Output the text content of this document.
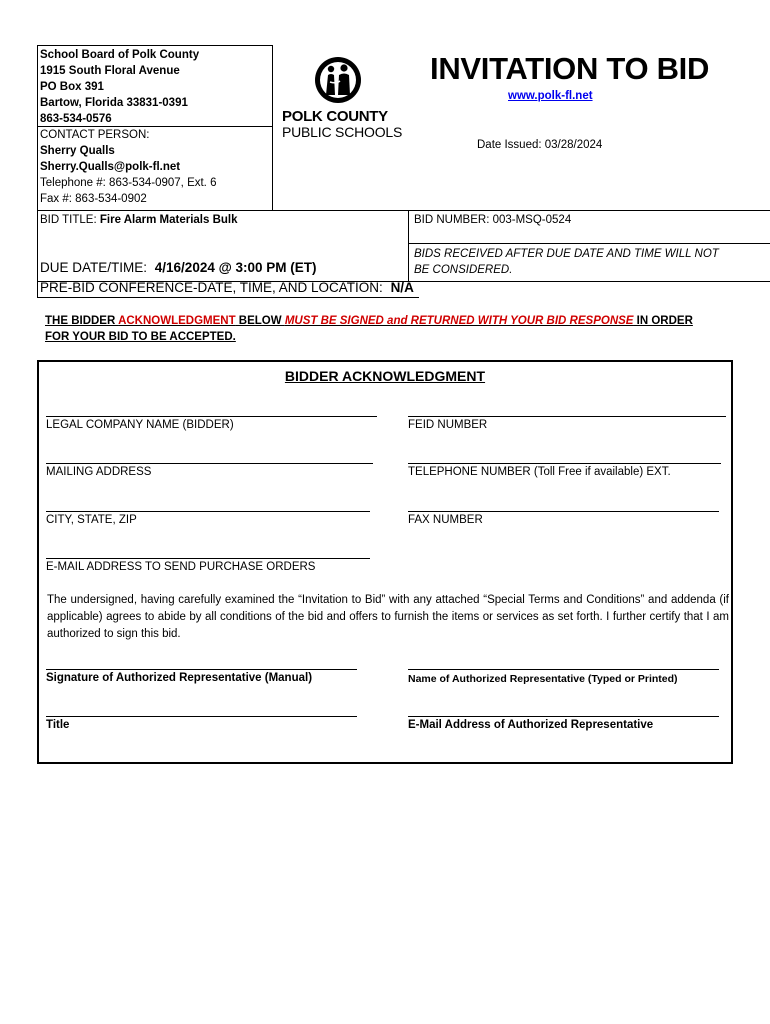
School Board of Polk County
1915 South Floral Avenue
PO Box 391
Bartow, Florida 33831-0391
863-534-0576
CONTACT PERSON:
Sherry Qualls
Sherry.Qualls@polk-fl.net
Telephone #: 863-534-0907, Ext. 6
Fax #: 863-534-0902
POLK COUNTY
PUBLIC SCHOOLS
INVITATION TO BID
www.polk-fl.net
Date Issued: 03/28/2024
BID TITLE: Fire Alarm Materials Bulk	BID NUMBER: 003-MSQ-0524
DUE DATE/TIME: 4/16/2024 @ 3:00 PM (ET)
BIDS RECEIVED AFTER DUE DATE AND TIME WILL NOT BE CONSIDERED.
PRE-BID CONFERENCE-DATE, TIME, AND LOCATION: N/A
THE BIDDER ACKNOWLEDGMENT BELOW MUST BE SIGNED and RETURNED WITH YOUR BID RESPONSE IN ORDER FOR YOUR BID TO BE ACCEPTED.
BIDDER ACKNOWLEDGMENT
LEGAL COMPANY NAME (BIDDER)	FEID NUMBER
MAILING ADDRESS	TELEPHONE NUMBER (Toll Free if available) EXT.
CITY, STATE, ZIP	FAX NUMBER
E-MAIL ADDRESS TO SEND PURCHASE ORDERS
The undersigned, having carefully examined the “Invitation to Bid” with any attached “Special Terms and Conditions” and addenda (if applicable) agrees to abide by all conditions of the bid and offers to furnish the items or services as set forth. I further certify that I am authorized to sign this bid.
Signature of Authorized Representative (Manual)	Name of Authorized Representative (Typed or Printed)
Title	E-Mail Address of Authorized Representative
